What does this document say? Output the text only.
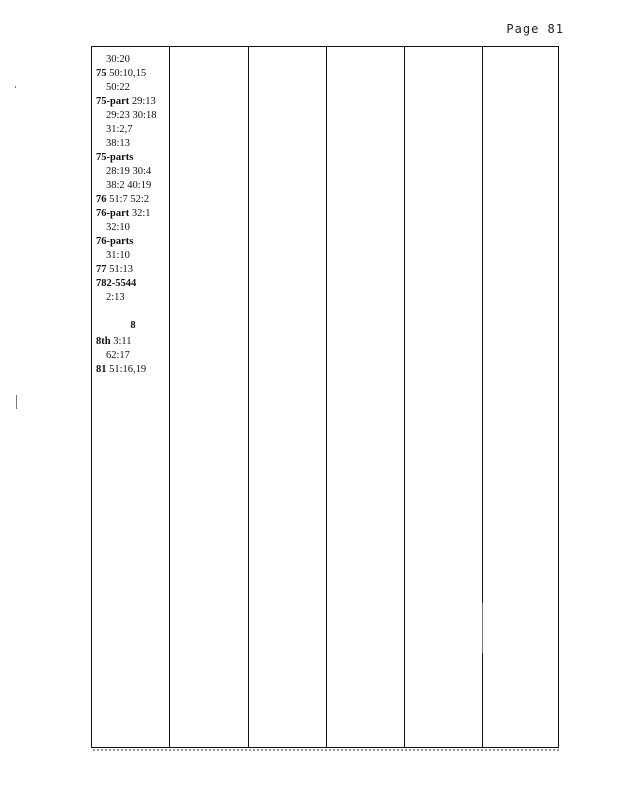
Page 81
30:20
75 50:10,15
50:22
75-part 29:13
29:23 30:18
31:2,7
38:13
75-parts
28:19 30:4
38:2 40:19
76 51:7 52:2
76-part 32:1
32:10
76-parts
31:10
77 51:13
782-5544
2:13
8
8th 3:11
62:17
81 51:16,19
